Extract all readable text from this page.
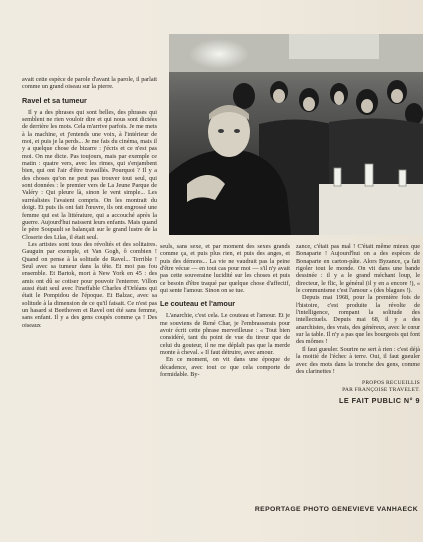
avait cette espèce de parole d'avant la parole, il parlait comme un grand oiseau sur la pierre.

Ravel et sa tumeur

Il y a des phrases qui sont belles, des phrases qui semblent ne rien vouloir dire et qui nous sont dictées de derrière les mots. Cela m'arrive parfois. Je me mets à la machine, et j'entends une voix, à l'intérieur de moi, et puis je la perds... Je me fais du cinéma, mais il y a quelque chose de bizarre : j'écris et ce n'est pas moi. On me dicte. Pas toujours, mais par exemple ce matin : quatre vers, avec les rimes, qui s'enjambent bien, qui ont l'air d'être travaillés. Pourquoi ? Il y a des choses qu'on ne peut pas trouver tout seul, qui sont données : le premier vers de La Jeune Parque de Valéry : Qui pleure là, sinon le vent simple... Les surréalistes l'avaient compris. On les montrait du doigt. Et puis ils ont fait l'œuvre, ils ont engrossé une femme qui est la littérature, qui a accouché après la guerre. Aujourd'hui naissent leurs enfants. Mais quand le père Soupault se balançait sur le grand lustre de la Closerie des Lilas, il était seul.

Les artistes sont tous des révoltés et des solitaires. Gauguin par exemple, et Van Gogh, ô combien ! Quand on pense à la solitude de Ravel... Terrible ! Seul avec sa tumeur dans la tête. Et moi pas fou ensemble. Et Bartok, mort à New York en 45 : des amis ont dû se cotiser pour pouvoir l'enterrer. Villon aussi était seul avec l'ineffable Charles d'Orléans qui était le Pompidou de l'époque. Et Balzac, avec sa solitude à la dimension de ce qu'il faisait. Ce n'est pas un hasard si Beethoven et Ravel ont été sans femme, sans enfant. Il y a des gens coupés comme ça ! Des oiseaux

seuls, sans sexe, et par moment des sexes grands comme ça, et puis plus rien, et puis des anges, et puis des démons... La vie ne vaudrait pas la peine d'être vécue — en tout cas pour moi — s'il n'y avait pas cette souveraine lucidité sur les choses et puis ce besoin d'être traqué par quelque chose d'affectif, qui sente l'amour. Sinon on se tue.

Le couteau et l'amour

L'anarchie, c'est cela. Le couteau et l'amour. Et je me souviens de René Char, je l'embrasserais pour avoir écrit cette phrase merveilleuse : « Tout bien considéré, tant du point de vue du tireur que de celui du gouteur, il ne me déplaît pas que la merde monte à cheval. » Il faut détruire, avec amour.

En ce moment, on vit dans une époque de décadence, avec tout ce que cela comporte de formidable. By-

zance, c'était pas mal ! C'était même mieux que Bonaparte ! Aujourd'hui on a des espèces de Bonaparte en carton-pâte. Alors Byzance, ça fait rigoler tout le monde. On vit dans une bande dessinée : il y a le grand méchant loup, le directeur, le flic, le général (il y en a encore !), « le communisme c'est l'amour » (des blagues !).

Depuis mai 1968, pour la première fois de l'histoire, c'est produite la révolte de l'intelligence, rompant la solitude des intellectuels. Depuis mai 68, il y a des anarchistes, des vrais, des généreux, avec le cœur sur la table. Il n'y a pas que les bourgeois qui font des mômes !

Il faut gueuler. Sourire ne sert à rien : c'est déjà la moitié de l'échec à terre. Oui, il faut gueuler avec des mots dans la tronche des gens, comme des clarinettes !

PROPOS RECUEILLIS
PAR FRANÇOISE TRAVELET.
LE FAIT PUBLIC N° 9
REPORTAGE PHOTO GENEVIEVE VANHAECK
